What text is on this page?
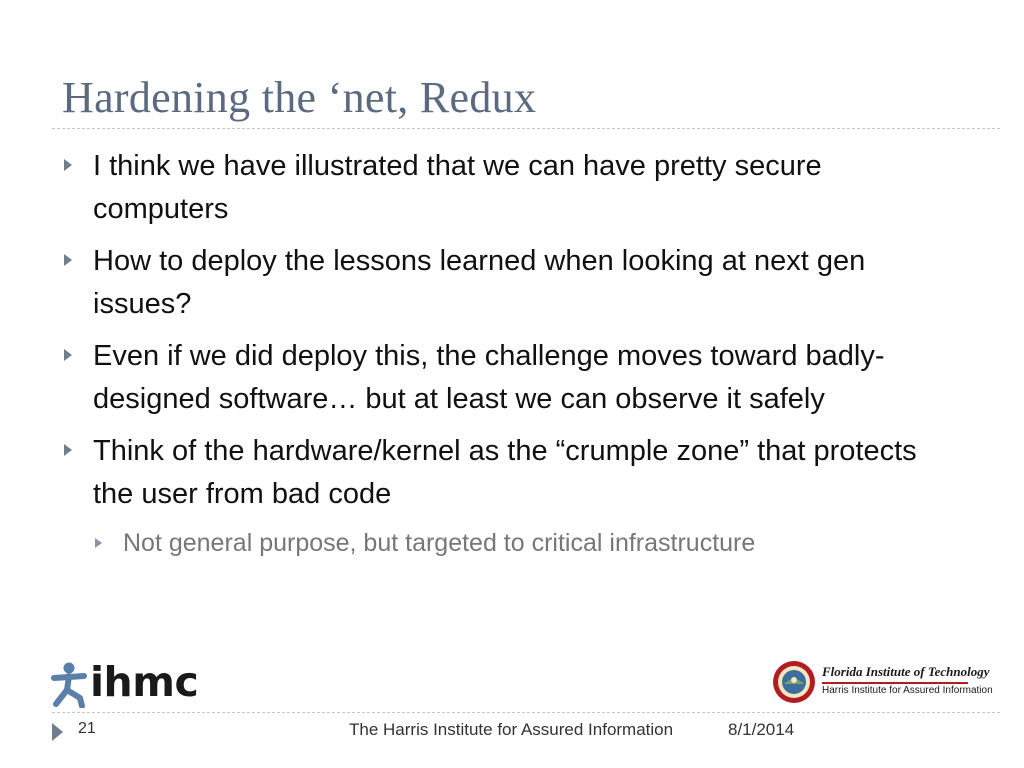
Hardening the ‘net, Redux
I think we have illustrated that we can have pretty secure computers
How to deploy the lessons learned when looking at next gen issues?
Even if we did deploy this, the challenge moves toward badly-designed software… but at least we can observe it safely
Think of the hardware/kernel as the “crumple zone” that protects the user from bad code
Not general purpose, but targeted to critical infrastructure
ihmc	Florida Institute of Technology
Harris Institute for Assured Information
21	The Harris Institute for Assured Information	8/1/2014
